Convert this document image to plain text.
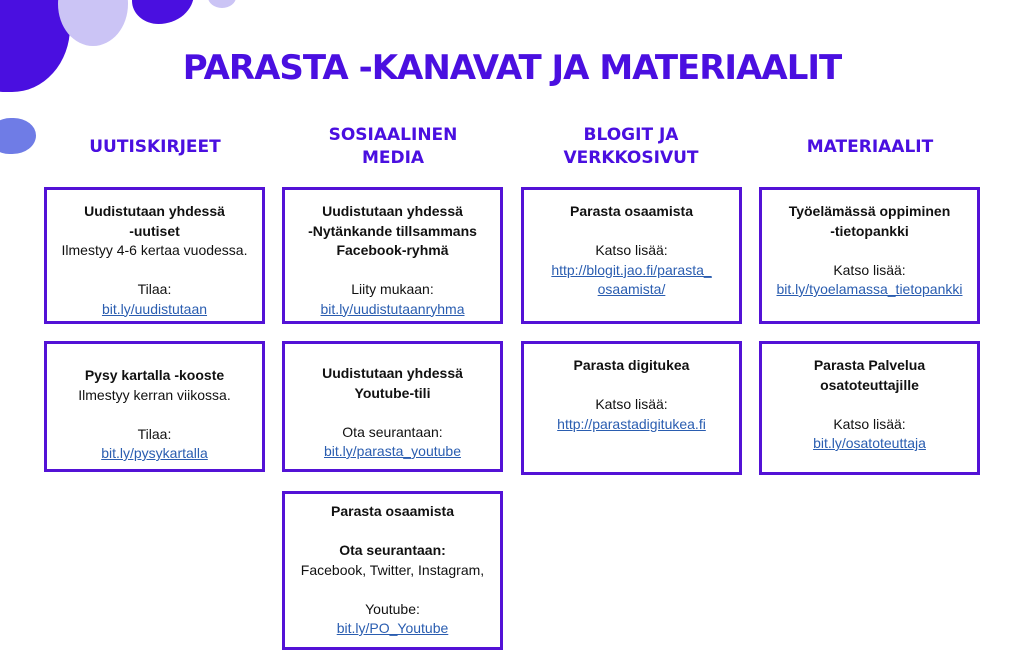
PARASTA -KANAVAT JA MATERIAALIT
UUTISKIRJEET
SOSIAALINEN MEDIA
BLOGIT JA VERKKOSIVUT
MATERIAALIT
Uudistutaan yhdessä
-uutiset
Ilmestyy 4-6 kertaa vuodessa.
Tilaa:
bit.ly/uudistutaan
Pysy kartalla -kooste
Ilmestyy kerran viikossa.
Tilaa:
bit.ly/pysykartalla
Uudistutaan yhdessä
-Nytänkande tillsammans
Facebook-ryhmä
Liity mukaan:
bit.ly/uudistutaanryhma
Uudistutaan yhdessä
Youtube-tili
Ota seurantaan:
bit.ly/parasta_youtube
Parasta osaamista
Ota seurantaan:
Facebook, Twitter, Instagram,
Youtube:
bit.ly/PO_Youtube
Parasta osaamista
Katso lisää:
http://blogit.jao.fi/parasta_
osaamista/
Parasta digitukea
Katso lisää:
http://parastadigitukea.fi
Työelämässä oppiminen
-tietopankki
Katso lisää:
bit.ly/tyoelamassa_tietopankki
Parasta Palvelua
osatoteuttajille
Katso lisää:
bit.ly/osatoteuttaja
